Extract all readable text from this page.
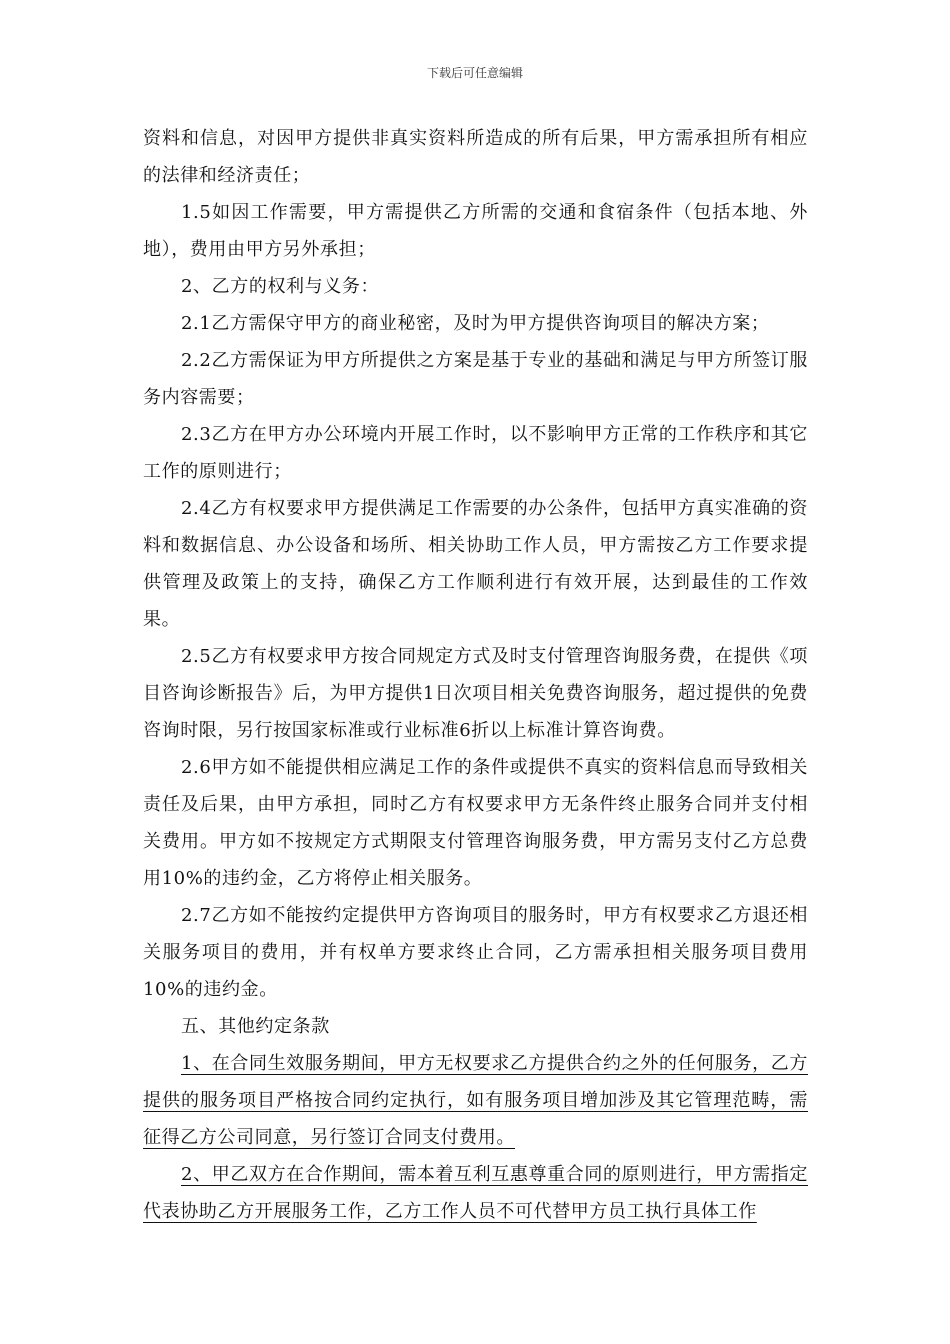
下载后可任意编辑

资料和信息，对因甲方提供非真实资料所造成的所有后果，甲方需承担所有相应的法律和经济责任；

1.5如因工作需要，甲方需提供乙方所需的交通和食宿条件（包括本地、外地），费用由甲方另外承担；

2、乙方的权利与义务：

2.1乙方需保守甲方的商业秘密，及时为甲方提供咨询项目的解决方案；

2.2乙方需保证为甲方所提供之方案是基于专业的基础和满足与甲方所签订服务内容需要；

2.3乙方在甲方办公环境内开展工作时，以不影响甲方正常的工作秩序和其它工作的原则进行；

2.4乙方有权要求甲方提供满足工作需要的办公条件，包括甲方真实准确的资料和数据信息、办公设备和场所、相关协助工作人员，甲方需按乙方工作要求提供管理及政策上的支持，确保乙方工作顺利进行有效开展，达到最佳的工作效果。

2.5乙方有权要求甲方按合同规定方式及时支付管理咨询服务费，在提供《项目咨询诊断报告》后，为甲方提供1日次项目相关免费咨询服务，超过提供的免费咨询时限，另行按国家标准或行业标准6折以上标准计算咨询费。

2.6甲方如不能提供相应满足工作的条件或提供不真实的资料信息而导致相关责任及后果，由甲方承担，同时乙方有权要求甲方无条件终止服务合同并支付相关费用。甲方如不按规定方式期限支付管理咨询服务费，甲方需另支付乙方总费用10%的违约金，乙方将停止相关服务。

2.7乙方如不能按约定提供甲方咨询项目的服务时，甲方有权要求乙方退还相关服务项目的费用，并有权单方要求终止合同，乙方需承担相关服务项目费用10%的违约金。

五、其他约定条款

1、在合同生效服务期间，甲方无权要求乙方提供合约之外的任何服务，乙方提供的服务项目严格按合同约定执行，如有服务项目增加涉及其它管理范畴，需征得乙方公司同意，另行签订合同支付费用。

2、甲乙双方在合作期间，需本着互利互惠尊重合同的原则进行，甲方需指定代表协助乙方开展服务工作，乙方工作人员不可代替甲方员工执行具体工作
